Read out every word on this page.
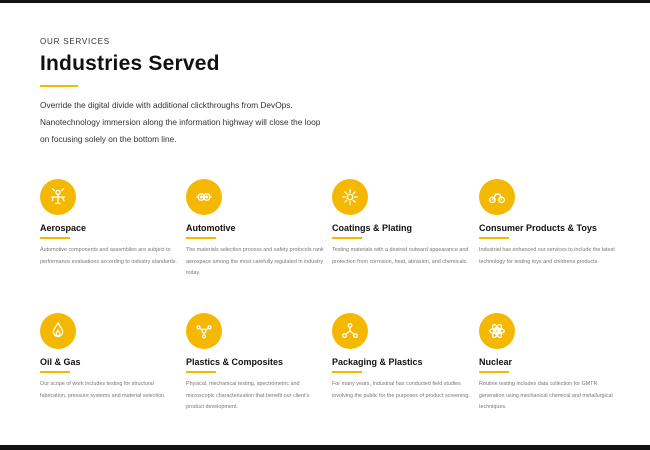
OUR SERVICES
Industries Served

Override the digital divide with additional clickthroughs from DevOps. Nanotechnology immersion along the information highway will close the loop on focusing solely on the bottom line.

Aerospace
Automotive components and assemblies are subject to performance evaluations according to industry standards.
Automotive
The materials selection process and safety protocols rank aerospace among the most carefully regulated in industry today.
Coatings & Plating
Testing materials with a desired outward appearance and protection from corrosion, heat, abrasion, and chemicals.
Consumer Products & Toys
Industrial has enhanced our services to include the latest technology for testing toys and childrens products.
Oil & Gas
Our scope of work includes testing for structural fabrication, pressure systems and material selection.
Plastics & Composites
Physical, mechanical testing, spectrometric and microscopic characterization that benefit our client's product development.
Packaging & Plastics
For many years, Industrial has conducted field studies involving the public for the purposes of product screening.
Nuclear
Routine testing includes data collection for GMTR generation using mechanical chemical and metallurgical techniques.
